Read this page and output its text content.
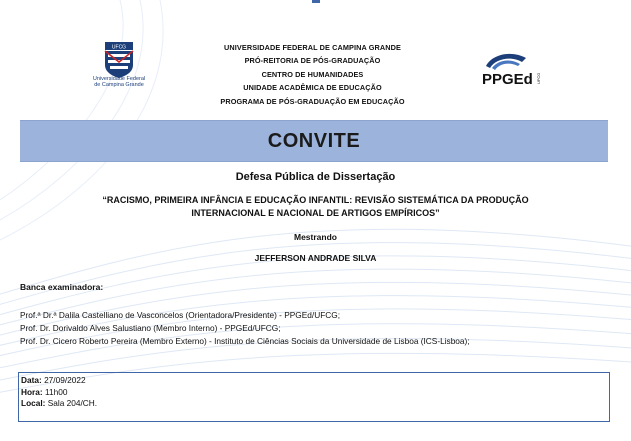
UFCG
Universidade Federal
de Campina Grande
UNIVERSIDADE FEDERAL DE CAMPINA GRANDE
PRÓ-REITORIA DE PÓS-GRADUAÇÃO
CENTRO DE HUMANIDADES
UNIDADE ACADÊMICA DE EDUCAÇÃO
PROGRAMA DE PÓS-GRADUAÇÃO EM EDUCAÇÃO
PPGEd UFCG
CONVITE
Defesa Pública de Dissertação
“RACISMO, PRIMEIRA INFÂNCIA E EDUCAÇÃO INFANTIL: REVISÃO SISTEMÁTICA DA PRODUÇÃO
INTERNACIONAL E NACIONAL DE ARTIGOS EMPÍRICOS”
Mestrando
JEFFERSON ANDRADE SILVA
Banca examinadora:
Prof.ª Dr.ª Dalila Castelliano de Vasconcelos (Orientadora/Presidente) - PPGEd/UFCG;
Prof. Dr. Dorivaldo Alves Salustiano (Membro Interno) - PPGEd/UFCG;
Prof. Dr. Cicero Roberto Pereira (Membro Externo) - Instituto de Ciências Sociais da Universidade de Lisboa (ICS-Lisboa);
Data: 27/09/2022
Hora: 11h00
Local: Sala 204/CH.
